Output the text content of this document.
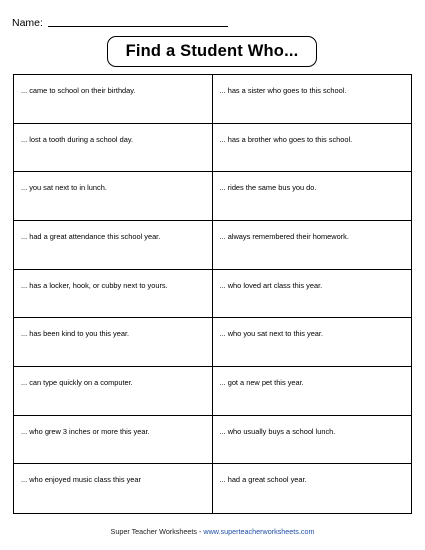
Name:
Find a Student Who...
... came to school on their birthday.	... has a sister who goes to this school.
... lost a tooth during a school day.	... has a brother who goes to this school.
... you sat next to in lunch.	... rides the same bus you do.
... had a great attendance this school year.	... always remembered their homework.
... has a locker, hook, or cubby next to yours.	... who loved art class this year.
... has been kind to you this year.	... who you sat next to this year.
... can type quickly on a computer.	... got a new pet this year.
... who grew 3 inches or more this year.	... who usually buys a school lunch.
... who enjoyed music class this year	... had a great school year.
Super Teacher Worksheets - www.superteacherworksheets.com
